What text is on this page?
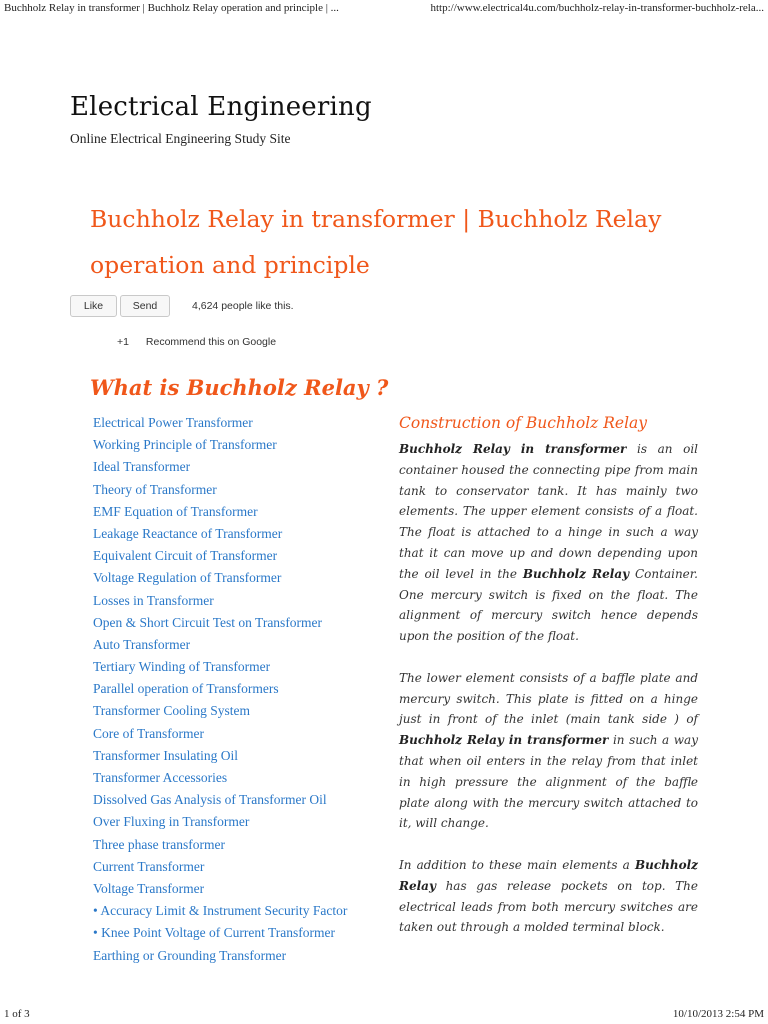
Buchholz Relay in transformer | Buchholz Relay operation and principle | ...	http://www.electrical4u.com/buchholz-relay-in-transformer-buchholz-rela...
Electrical Engineering
Online Electrical Engineering Study Site
Buchholz Relay in transformer | Buchholz Relay operation and principle
Like	Send	4,624 people like this.
+1 Recommend this on Google
What is Buchholz Relay ?
Electrical Power Transformer
Working Principle of Transformer
Ideal Transformer
Theory of Transformer
EMF Equation of Transformer
Leakage Reactance of Transformer
Equivalent Circuit of Transformer
Voltage Regulation of Transformer
Losses in Transformer
Open & Short Circuit Test on Transformer
Auto Transformer
Tertiary Winding of Transformer
Parallel operation of Transformers
Transformer Cooling System
Core of Transformer
Transformer Insulating Oil
Transformer Accessories
Dissolved Gas Analysis of Transformer Oil
Over Fluxing in Transformer
Three phase transformer
Current Transformer
Voltage Transformer
• Accuracy Limit & Instrument Security Factor
• Knee Point Voltage of Current Transformer
Earthing or Grounding Transformer
Construction of Buchholz Relay

Buchholz Relay in transformer is an oil container housed the connecting pipe from main tank to conservator tank. It has mainly two elements. The upper element consists of a float. The float is attached to a hinge in such a way that it can move up and down depending upon the oil level in the Buchholz Relay Container. One mercury switch is fixed on the float. The alignment of mercury switch hence depends upon the position of the float.

The lower element consists of a baffle plate and mercury switch. This plate is fitted on a hinge just in front of the inlet (main tank side ) of Buchholz Relay in transformer in such a way that when oil enters in the relay from that inlet in high pressure the alignment of the baffle plate along with the mercury switch attached to it, will change.

In addition to these main elements a Buchholz Relay has gas release pockets on top. The electrical leads from both mercury switches are taken out through a molded terminal block.

1 of 3	10/10/2013 2:54 PM
